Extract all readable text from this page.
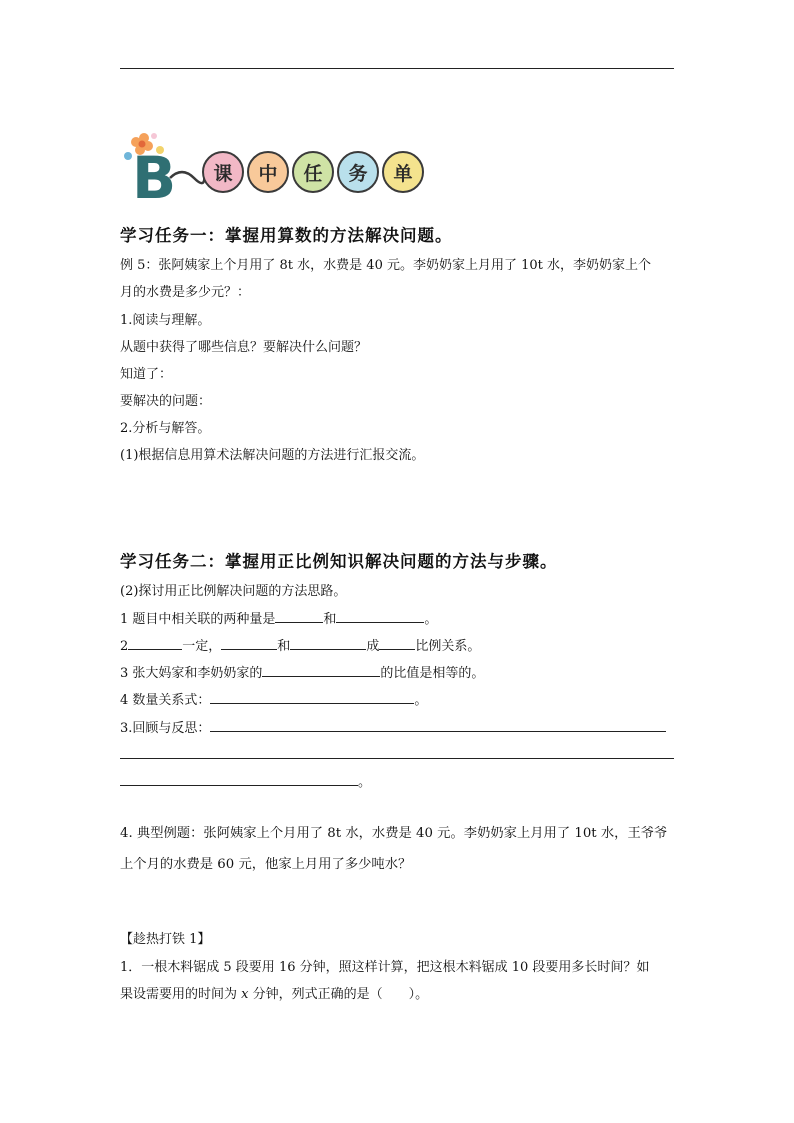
B 课 中 任 务 单
学习任务一：掌握用算数的方法解决问题。
例 5：张阿姨家上个月用了 8t 水，水费是 40 元。李奶奶家上月用了 10t 水，李奶奶家上个
月的水费是多少元？：
1.阅读与理解。
从题中获得了哪些信息？要解决什么问题？
知道了：
要解决的问题：
2.分析与解答。
(1)根据信息用算术法解决问题的方法进行汇报交流。
学习任务二：掌握用正比例知识解决问题的方法与步骤。
(2)探讨用正比例解决问题的方法思路。
1 题目中相关联的两种量是	和	。
2	一定，	和	成	比例关系。
3 张大妈家和李奶奶家的	的比值是相等的。
4 数量关系式：	。
3.回顾与反思：
。
4. 典型例题：张阿姨家上个月用了 8t 水，水费是 40 元。李奶奶家上月用了 10t 水，王爷爷
上个月的水费是 60 元，他家上月用了多少吨水？
【趁热打铁 1】
1．一根木料锯成 5 段要用 16 分钟，照这样计算，把这根木料锯成 10 段要用多长时间？如
果设需要用的时间为 x 分钟，列式正确的是（　　）。
